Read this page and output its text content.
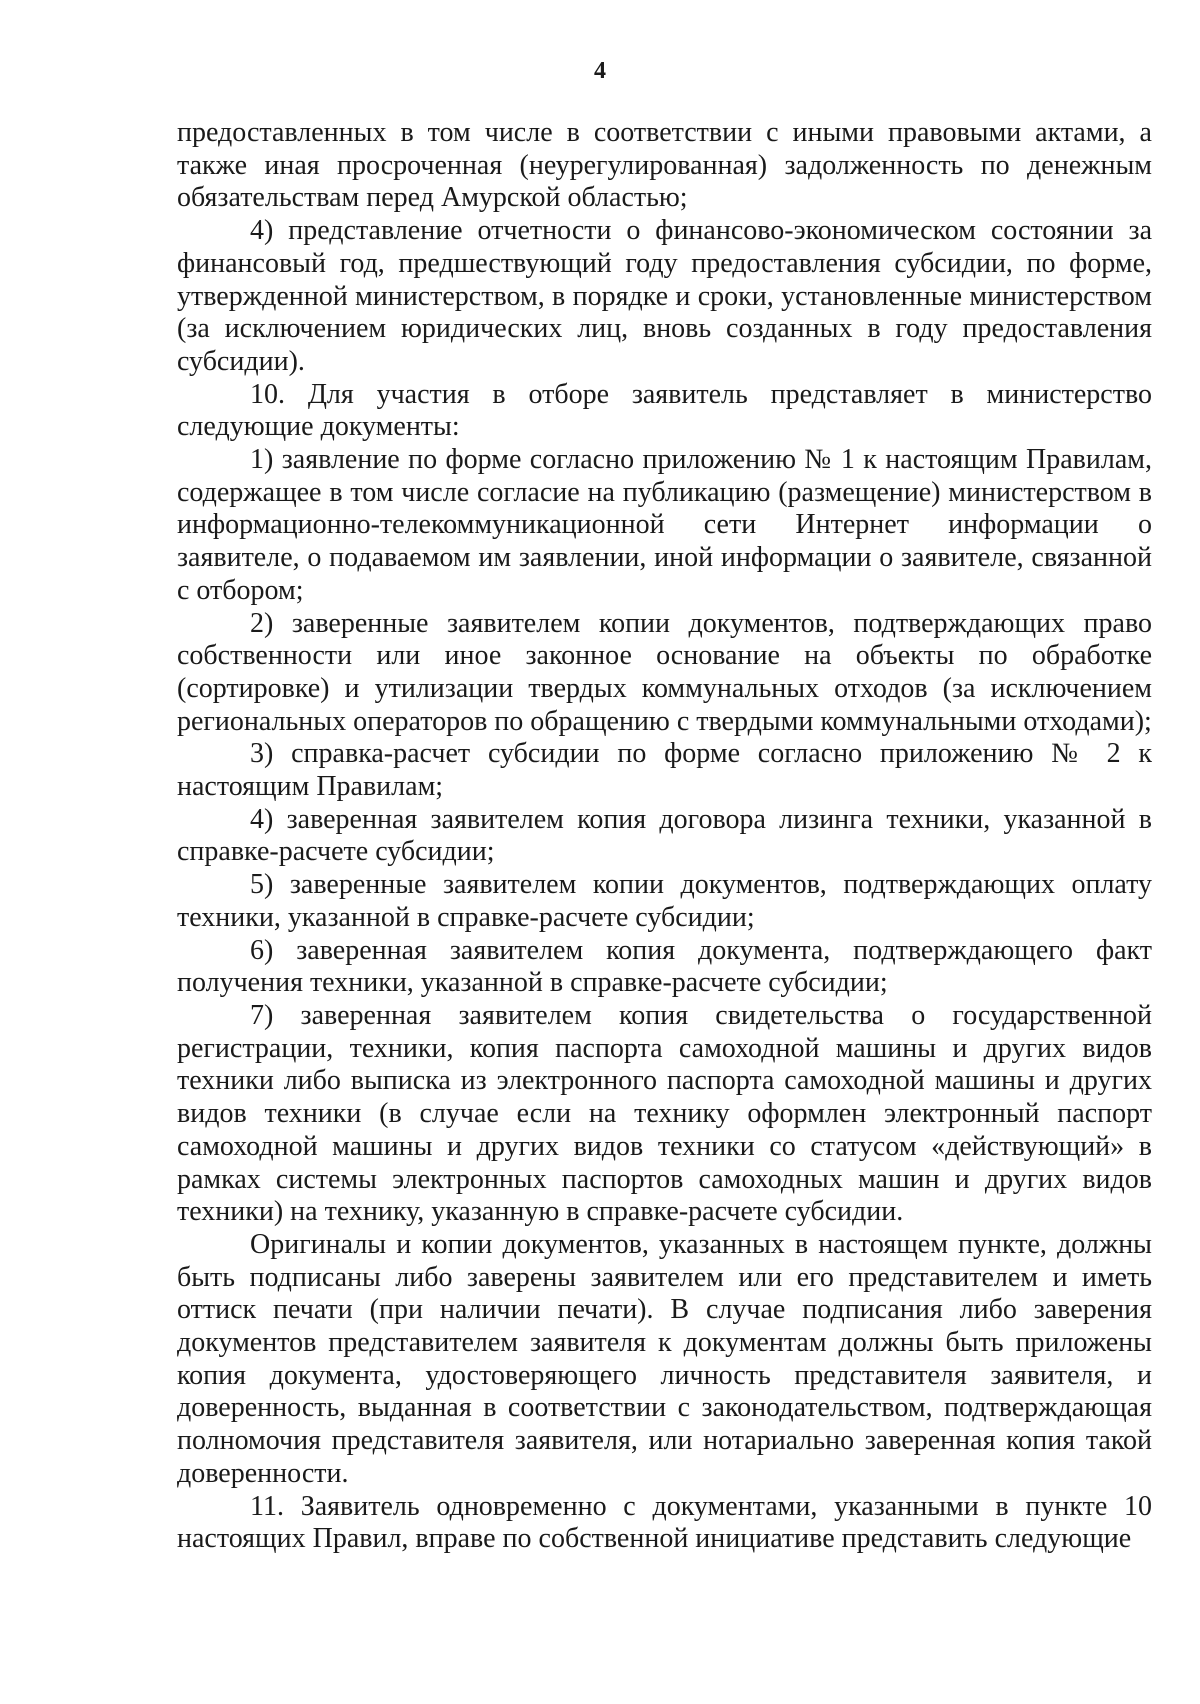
4

предоставленных в том числе в соответствии с иными правовыми актами, а также иная просроченная (неурегулированная) задолженность по денежным обязательствам перед Амурской областью;

4) представление отчетности о финансово-экономическом состоянии за финансовый год, предшествующий году предоставления субсидии, по форме, утвержденной министерством, в порядке и сроки, установленные министерством (за исключением юридических лиц, вновь созданных в году предоставления субсидии).

10. Для участия в отборе заявитель представляет в министерство следующие документы:

1) заявление по форме согласно приложению № 1 к настоящим Правилам, содержащее в том числе согласие на публикацию (размещение) министерством в информационно-телекоммуникационной сети Интернет информации о заявителе, о подаваемом им заявлении, иной информации о заявителе, связанной с отбором;

2) заверенные заявителем копии документов, подтверждающих право собственности или иное законное основание на объекты по обработке (сортировке) и утилизации твердых коммунальных отходов (за исключением региональных операторов по обращению с твердыми коммунальными отходами);

3) справка-расчет субсидии по форме согласно приложению № 2 к настоящим Правилам;

4) заверенная заявителем копия договора лизинга техники, указанной в справке-расчете субсидии;

5) заверенные заявителем копии документов, подтверждающих оплату техники, указанной в справке-расчете субсидии;

6) заверенная заявителем копия документа, подтверждающего факт получения техники, указанной в справке-расчете субсидии;

7) заверенная заявителем копия свидетельства о государственной регистрации, техники, копия паспорта самоходной машины и других видов техники либо выписка из электронного паспорта самоходной машины и других видов техники (в случае если на технику оформлен электронный паспорт самоходной машины и других видов техники со статусом «действующий» в рамках системы электронных паспортов самоходных машин и других видов техники) на технику, указанную в справке-расчете субсидии.

Оригиналы и копии документов, указанных в настоящем пункте, должны быть подписаны либо заверены заявителем или его представителем и иметь оттиск печати (при наличии печати). В случае подписания либо заверения документов представителем заявителя к документам должны быть приложены копия документа, удостоверяющего личность представителя заявителя, и доверенность, выданная в соответствии с законодательством, подтверждающая полномочия представителя заявителя, или нотариально заверенная копия такой доверенности.

11. Заявитель одновременно с документами, указанными в пункте 10 настоящих Правил, вправе по собственной инициативе представить следующие
